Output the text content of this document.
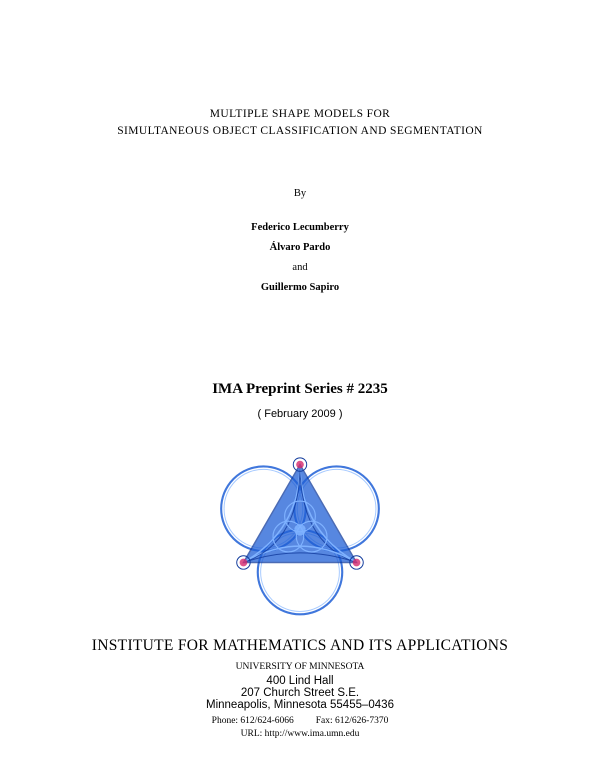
MULTIPLE SHAPE MODELS FOR
SIMULTANEOUS OBJECT CLASSIFICATION AND SEGMENTATION
By
Federico Lecumberry
Álvaro Pardo
and
Guillermo Sapiro
IMA Preprint Series # 2235
( February 2009 )
INSTITUTE FOR MATHEMATICS AND ITS APPLICATIONS
UNIVERSITY OF MINNESOTA
400 Lind Hall
207 Church Street S.E.
Minneapolis, Minnesota 55455–0436
Phone: 612/624-6066 Fax: 612/626-7370
URL: http://www.ima.umn.edu
